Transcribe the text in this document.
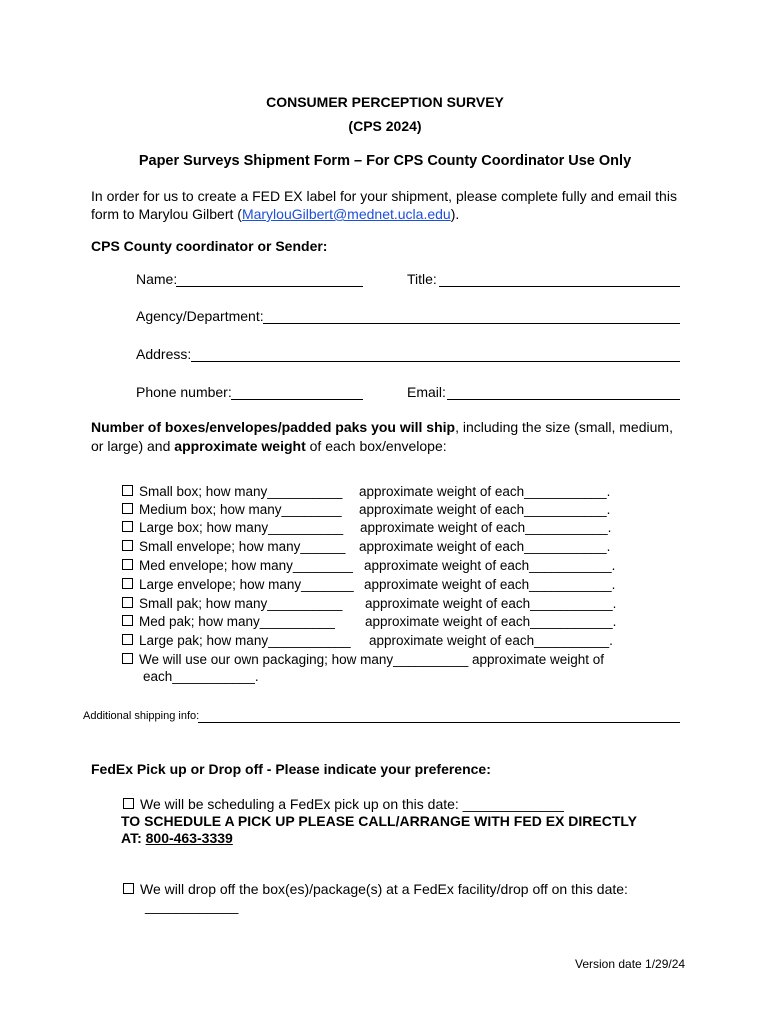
CONSUMER PERCEPTION SURVEY
(CPS 2024)
Paper Surveys Shipment Form – For CPS County Coordinator Use Only
In order for us to create a FED EX label for your shipment, please complete fully and email this
form to Marylou Gilbert (MarylouGilbert@mednet.ucla.edu).
CPS County coordinator or Sender:
Name:	Title:
Agency/Department:
Address:
Phone number:	Email:
Number of boxes/envelopes/padded paks you will ship, including the size (small, medium,
or large) and approximate weight of each box/envelope:
Small box; how many__________ approximate weight of each___________.
Medium box; how many________ approximate weight of each___________.
Large box; how many__________ approximate weight of each___________.
Small envelope; how many______ approximate weight of each___________.
Med envelope; how many________ approximate weight of each___________.
Large envelope; how many_______ approximate weight of each___________.
Small pak; how many__________ approximate weight of each___________.
Med pak; how many__________ approximate weight of each___________.
Large pak; how many___________ approximate weight of each__________.
We will use our own packaging; how many__________ approximate weight of
each___________.
Additional shipping info:
FedEx Pick up or Drop off - Please indicate your preference:
We will be scheduling a FedEx pick up on this date: _____________
TO SCHEDULE A PICK UP PLEASE CALL/ARRANGE WITH FED EX DIRECTLY
AT: 800-463-3339
We will drop off the box(es)/package(s) at a FedEx facility/drop off on this date:
____________
Version date 1/29/24
